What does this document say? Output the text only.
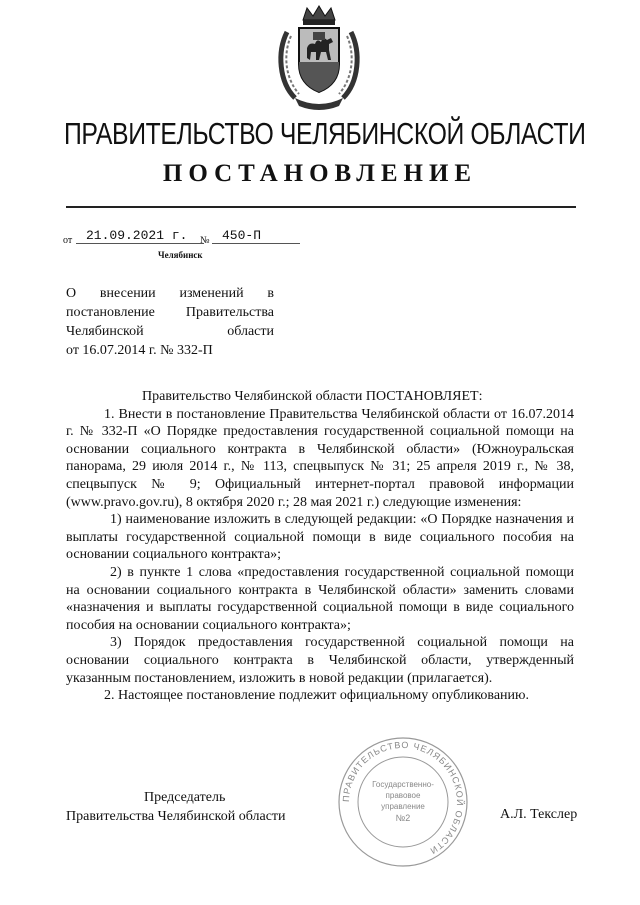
ПРАВИТЕЛЬСТВО ЧЕЛЯБИНСКОЙ ОБЛАСТИ
ПОСТАНОВЛЕНИЕ
от	21.09.2021 г.	№ 450-П
Челябинск
О внесении изменений в
постановление Правительства
Челябинской области
от 16.07.2014 г. № 332-П

Правительство Челябинской области ПОСТАНОВЛЯЕТ:

1. Внести в постановление Правительства Челябинской области от 16.07.2014 г. № 332-П «О Порядке предоставления государственной социальной помощи на основании социального контракта в Челябинской области» (Южноуральская панорама, 29 июля 2014 г., № 113, спецвыпуск № 31; 25 апреля 2019 г., № 38, спецвыпуск № 9; Официальный интернет-портал правовой информации (www.pravo.gov.ru), 8 октября 2020 г.; 28 мая 2021 г.) следующие изменения:

1) наименование изложить в следующей редакции: «О Порядке назначения и выплаты государственной социальной помощи в виде социального пособия на основании социального контракта»;

2) в пункте 1 слова «предоставления государственной социальной помощи на основании социального контракта в Челябинской области» заменить словами «назначения и выплаты государственной социальной помощи в виде социального пособия на основании социального контракта»;

3) Порядок предоставления государственной социальной помощи на основании социального контракта в Челябинской области, утвержденный указанным постановлением, изложить в новой редакции (прилагается).

2. Настоящее постановление подлежит официальному опубликованию.

Председатель
Правительства Челябинской области	А.Л. Текслер
ПРАВИТЕЛЬСТВО ЧЕЛЯБИНСКОЙ ОБЛАСТИ
Государственно-
правовое
управление
№2
